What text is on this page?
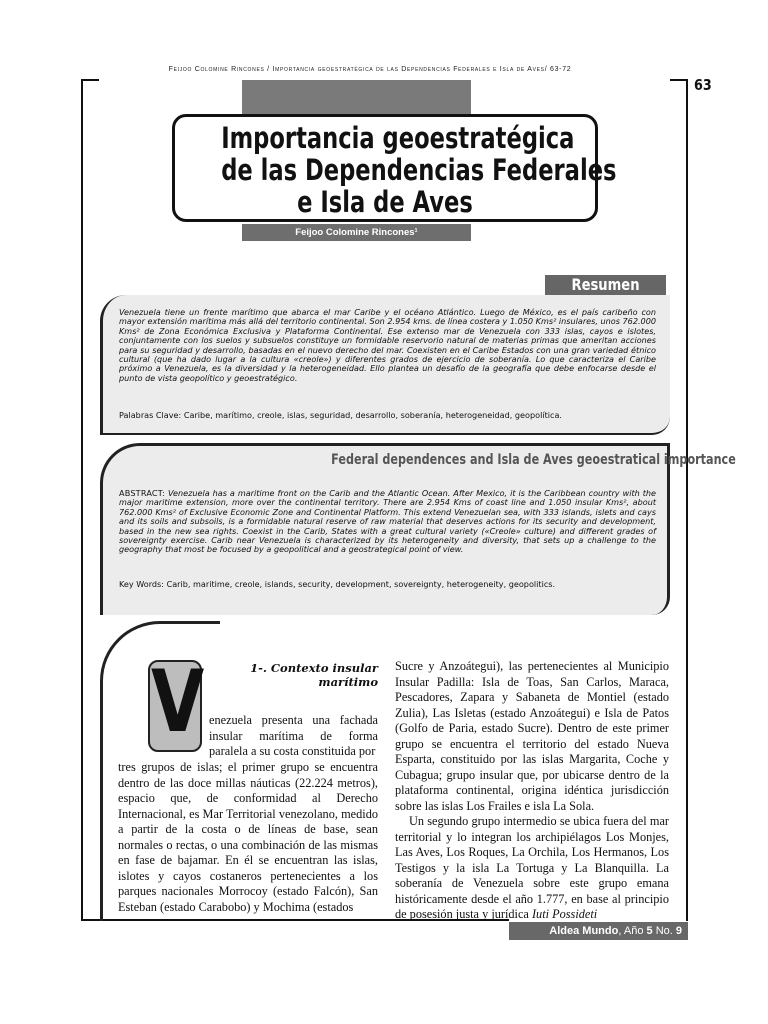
Feijoo Colomine Rincones / Importancia geoestratégica de las Dependencias Federales e Isla de Aves/ 63-72
63
Importancia geoestratégica
de las Dependencias Federales
e Isla de Aves
Feijoo Colomine Rincones¹
Resumen
Venezuela tiene un frente marítimo que abarca el mar Caribe y el océano Atlántico. Luego de México, es el país caribeño con mayor extensión marítima más allá del territorio continental. Son 2.954 kms. de línea costera y 1.050 Kms² insulares, unos 762.000 Kms² de Zona Económica Exclusiva y Plataforma Continental. Ese extenso mar de Venezuela con 333 islas, cayos e islotes, conjuntamente con los suelos y subsuelos constituye un formidable reservorio natural de materias primas que ameritan acciones para su seguridad y desarrollo, basadas en el nuevo derecho del mar. Coexisten en el Caribe Estados con una gran variedad étnico cultural (que ha dado lugar a la cultura «creole») y diferentes grados de ejercicio de soberanía. Lo que caracteriza el Caribe próximo a Venezuela, es la diversidad y la heterogeneidad. Ello plantea un desafío de la geografía que debe enfocarse desde el punto de vista geopolítico y geoestratégico.
Palabras Clave: Caribe, marítimo, creole, islas, seguridad, desarrollo, soberanía, heterogeneidad, geopolítica.
Federal dependences and Isla de Aves geoestratical importance
ABSTRACT: Venezuela has a maritime front on the Carib and the Atlantic Ocean. After Mexico, it is the Caribbean country with the major maritime extension, more over the continental territory. There are 2.954 Kms of coast line and 1.050 insular Kms², about 762.000 Kms² of Exclusive Economic Zone and Continental Platform. This extend Venezuelan sea, with 333 islands, islets and cays and its soils and subsoils, is a formidable natural reserve of raw material that deserves actions for its security and development, based in the new sea rights. Coexist in the Carib, States with a great cultural variety («Creole» culture) and different grades of sovereignty exercise. Carib near Venezuela is characterized by its heterogeneity and diversity, that sets up a challenge to the geography that most be focused by a geopolitical and a geostrategical point of view.
Key Words: Carib, maritime, creole, islands, security, development, sovereignty, heterogeneity, geopolitics.
V	1-. Contexto insular marítimo

enezuela presenta una fachada insular marítima de forma paralela a su costa constituida por

tres grupos de islas; el primer grupo se encuentra dentro de las doce millas náuticas (22.224 metros), espacio que, de conformidad al Derecho Internacional, es Mar Territorial venezolano, medido a partir de la costa o de líneas de base, sean normales o rectas, o una combinación de las mismas en fase de bajamar. En él se encuentran las islas, islotes y cayos costaneros pertenecientes a los parques nacionales Morrocoy (estado Falcón), San Esteban (estado Carabobo) y Mochima (estados

Sucre y Anzoátegui), las pertenecientes al Municipio Insular Padilla: Isla de Toas, San Carlos, Maraca, Pescadores, Zapara y Sabaneta de Montiel (estado Zulia), Las Isletas (estado Anzoátegui) e Isla de Patos (Golfo de Paria, estado Sucre). Dentro de este primer grupo se encuentra el territorio del estado Nueva Esparta, constituido por las islas Margarita, Coche y Cubagua; grupo insular que, por ubicarse dentro de la plataforma continental, origina idéntica jurisdicción sobre las islas Los Frailes e isla La Sola.

Un segundo grupo intermedio se ubica fuera del mar territorial y lo integran los archipiélagos Los Monjes, Las Aves, Los Roques, La Orchila, Los Hermanos, Los Testigos y la isla La Tortuga y La Blanquilla. La soberanía de Venezuela sobre este grupo emana históricamente desde el año 1.777, en base al principio de posesión justa y jurídica Iuti Possideti

Aldea Mundo, Año 5 No. 9
